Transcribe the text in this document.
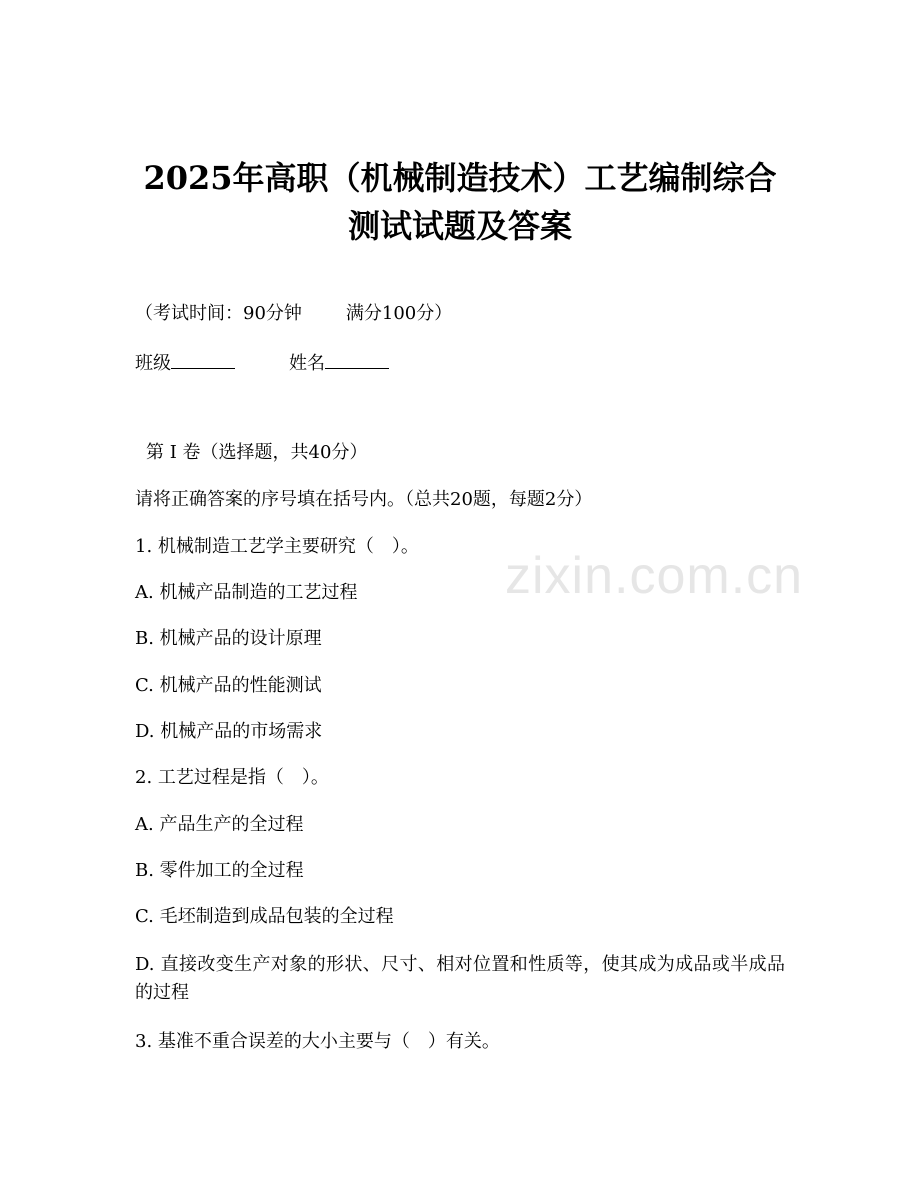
2025年高职（机械制造技术）工艺编制综合
测试试题及答案
（考试时间：90分钟 满分100分）
班级	姓名
第 I 卷（选择题，共40分）
请将正确答案的序号填在括号内。（总共20题，每题2分）
1. 机械制造工艺学主要研究（　）。
A. 机械产品制造的工艺过程
B. 机械产品的设计原理
C. 机械产品的性能测试
D. 机械产品的市场需求
2. 工艺过程是指（　）。
A. 产品生产的全过程
B. 零件加工的全过程
C. 毛坯制造到成品包装的全过程
D. 直接改变生产对象的形状、尺寸、相对位置和性质等，使其成为成品或半成品的过程
3. 基准不重合误差的大小主要与（　）有关。
zixin.com.cn
